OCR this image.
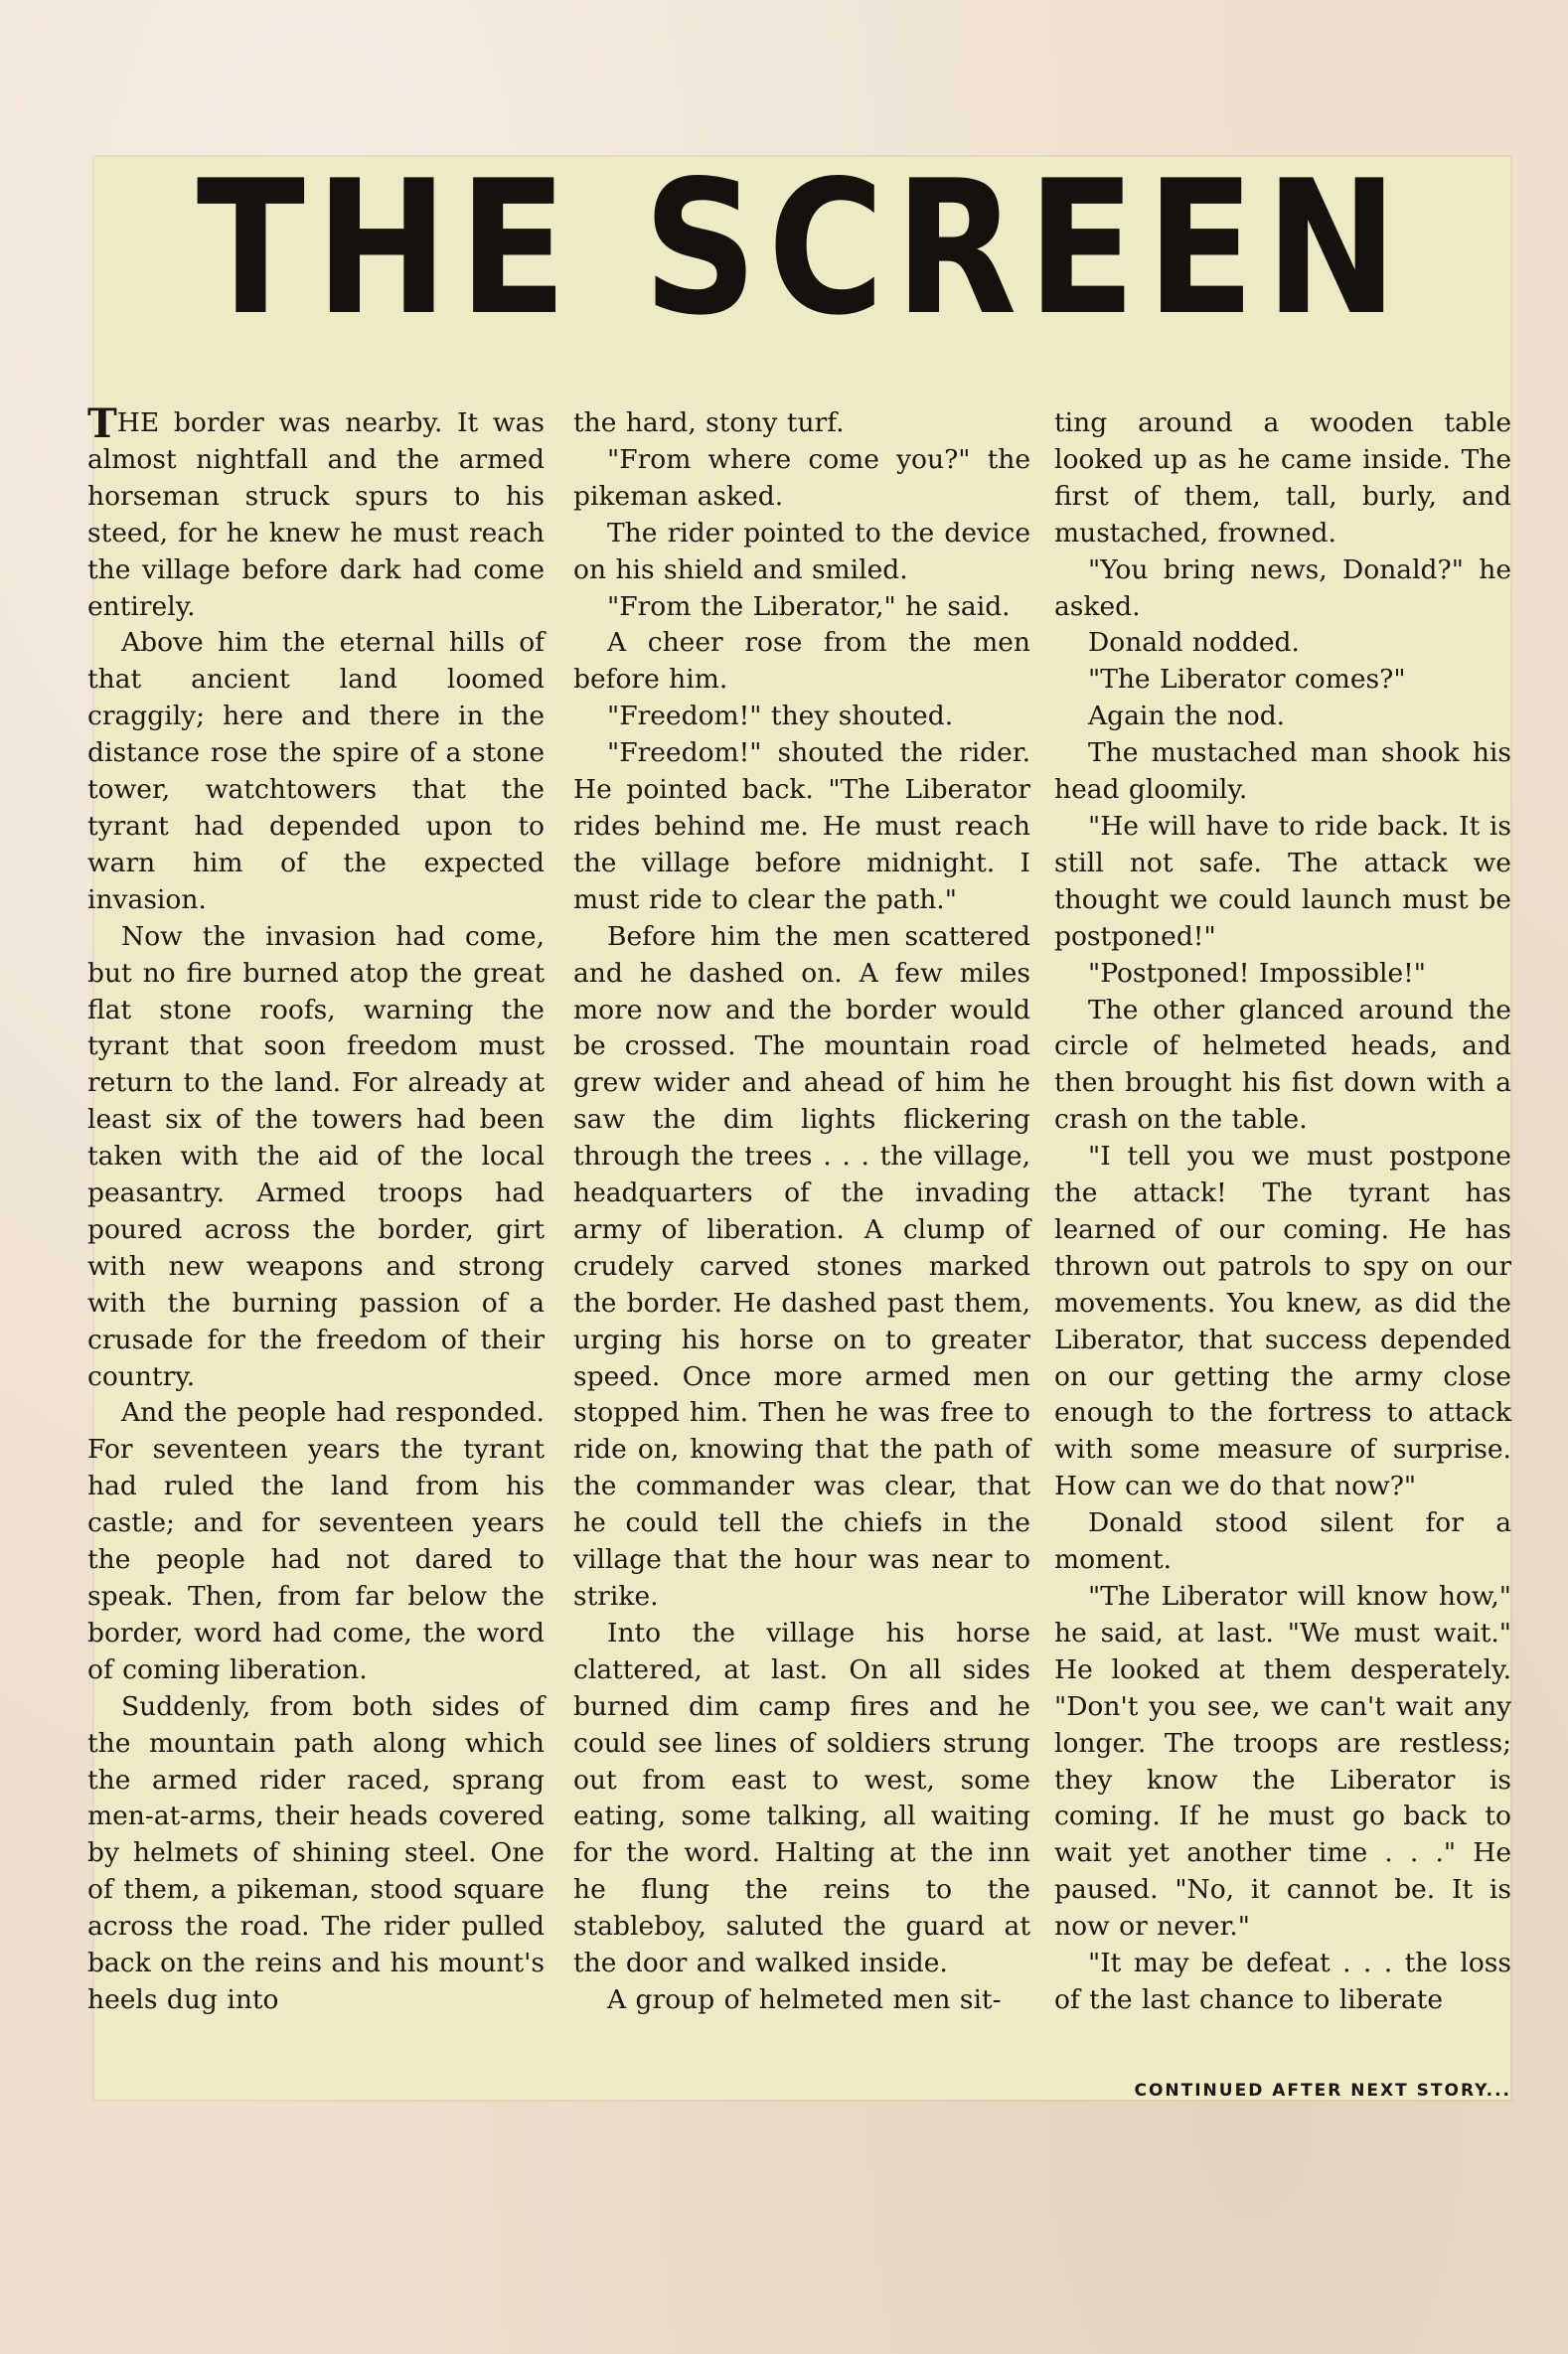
THE SCREEN

THE border was nearby. It was almost nightfall and the armed horseman struck spurs to his steed, for he knew he must reach the village before dark had come entirely.

Above him the eternal hills of that ancient land loomed craggily; here and there in the distance rose the spire of a stone tower, watchtowers that the tyrant had depended upon to warn him of the expected invasion.

Now the invasion had come, but no fire burned atop the great flat stone roofs, warning the tyrant that soon freedom must return to the land. For already at least six of the towers had been taken with the aid of the local peasantry. Armed troops had poured across the border, girt with new weapons and strong with the burning passion of a crusade for the freedom of their country.

And the people had responded. For seventeen years the tyrant had ruled the land from his castle; and for seventeen years the people had not dared to speak. Then, from far below the border, word had come, the word of coming liberation.

Suddenly, from both sides of the mountain path along which the armed rider raced, sprang men-at-arms, their heads covered by helmets of shining steel. One of them, a pikeman, stood square across the road. The rider pulled back on the reins and his mount's heels dug into

the hard, stony turf.

"From where come you?" the pikeman asked.

The rider pointed to the device on his shield and smiled.

"From the Liberator," he said.

A cheer rose from the men before him.

"Freedom!" they shouted.

"Freedom!" shouted the rider. He pointed back. "The Liberator rides behind me. He must reach the village before midnight. I must ride to clear the path."

Before him the men scattered and he dashed on. A few miles more now and the border would be crossed. The mountain road grew wider and ahead of him he saw the dim lights flickering through the trees . . . the village, headquarters of the invading army of liberation. A clump of crudely carved stones marked the border. He dashed past them, urging his horse on to greater speed. Once more armed men stopped him. Then he was free to ride on, knowing that the path of the commander was clear, that he could tell the chiefs in the village that the hour was near to strike.

Into the village his horse clattered, at last. On all sides burned dim camp fires and he could see lines of soldiers strung out from east to west, some eating, some talking, all waiting for the word. Halting at the inn he flung the reins to the stableboy, saluted the guard at the door and walked inside.

A group of helmeted men sit-

ting around a wooden table looked up as he came inside. The first of them, tall, burly, and mustached, frowned.

"You bring news, Donald?" he asked.

Donald nodded.

"The Liberator comes?"

Again the nod.

The mustached man shook his head gloomily.

"He will have to ride back. It is still not safe. The attack we thought we could launch must be postponed!"

"Postponed! Impossible!"

The other glanced around the circle of helmeted heads, and then brought his fist down with a crash on the table.

"I tell you we must postpone the attack! The tyrant has learned of our coming. He has thrown out patrols to spy on our movements. You knew, as did the Liberator, that success depended on our getting the army close enough to the fortress to attack with some measure of surprise. How can we do that now?"

Donald stood silent for a moment.

"The Liberator will know how," he said, at last. "We must wait." He looked at them desperately. "Don't you see, we can't wait any longer. The troops are restless; they know the Liberator is coming. If he must go back to wait yet another time . . ." He paused. "No, it cannot be. It is now or never."

"It may be defeat . . . the loss of the last chance to liberate

CONTINUED AFTER NEXT STORY...
